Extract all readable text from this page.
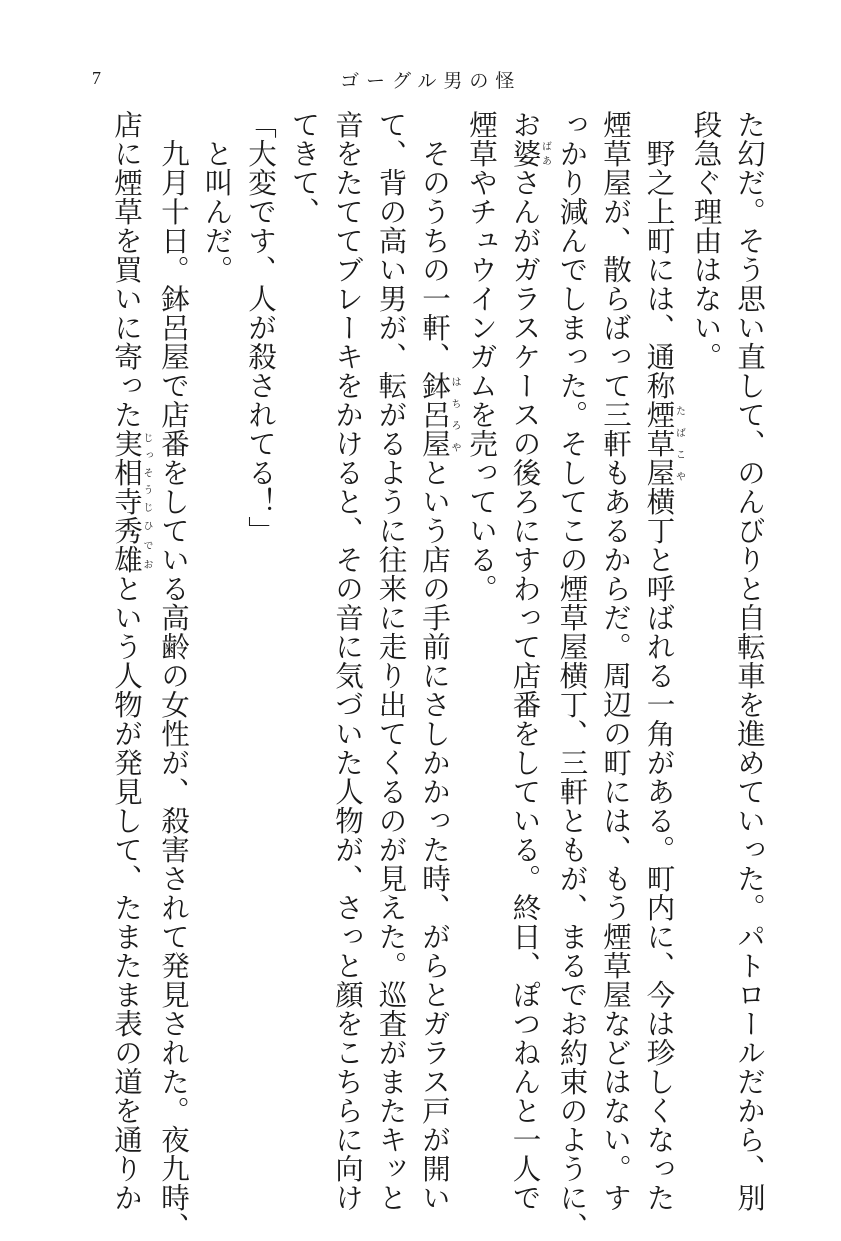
7	ゴーグル男の怪
た幻だ。そう思い直して、のんびりと自転車を進めていった。パトロールだから、別
段急ぐ理由はない。
　野之上町には、通称煙草屋たばこや横丁と呼ばれる一角がある。町内に、今は珍しくなった
煙草屋が、散らばって三軒もあるからだ。周辺の町には、もう煙草屋などはない。す
っかり減んでしまった。そしてこの煙草屋横丁、三軒ともが、まるでお約束のように、
お婆ばあさんがガラスケースの後ろにすわって店番をしている。終日、ぽつねんと一人で
煙草やチュウインガムを売っている。
　そのうちの一軒、鉢呂屋はちろやという店の手前にさしかかった時、がらとガラス戸が開い
て、背の高い男が、転がるように往来に走り出てくるのが見えた。巡査がまたキッと
音をたててブレーキをかけると、その音に気づいた人物が、さっと顔をこちらに向け
てきて、
「大変です、人が殺されてる！」
　と叫んだ。
　九月十日。鉢呂屋で店番をしている高齢の女性が、殺害されて発見された。夜九時、
店に煙草を買いに寄った実相寺じっそうじ秀雄ひでおという人物が発見して、たまたま表の道を通りか
